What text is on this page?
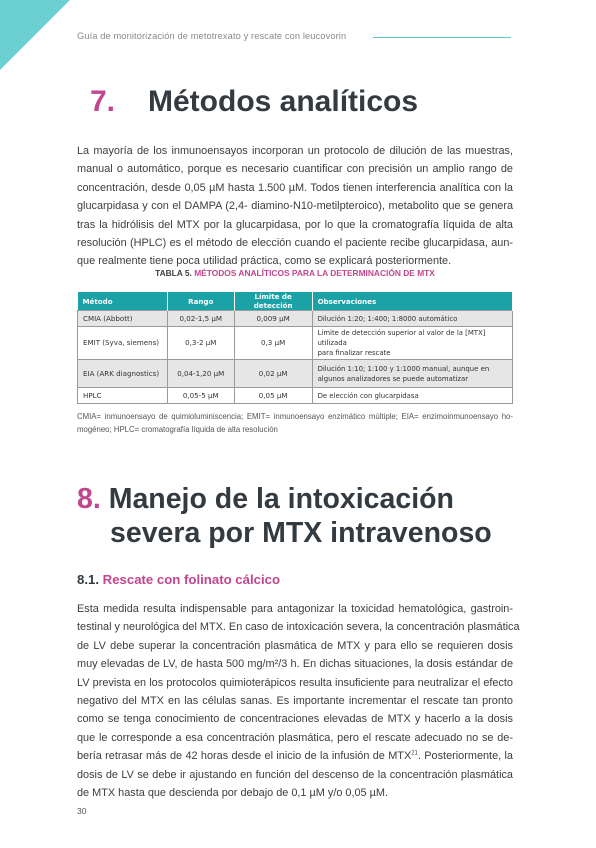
Guía de monitorización de metotrexato y rescate con leucovorin
7. Métodos analíticos
La mayoría de los inmunoensayos incorporan un protocolo de dilución de las muestras,
manual o automático, porque es necesario cuantificar con precisión un amplio rango de
concentración, desde 0,05 µM hasta 1.500 µM. Todos tienen interferencia analítica con la
glucarpidasa y con el DAMPA (2,4- diamino-N10-metilpteroico), metabolito que se genera
tras la hidrólisis del MTX por la glucarpidasa, por lo que la cromatografía líquida de alta
resolución (HPLC) es el método de elección cuando el paciente recibe glucarpidasa, aun-
que realmente tiene poca utilidad práctica, como se explicará posteriormente.
TABLA 5. MÉTODOS ANALÍTICOS PARA LA DETERMINACIÓN DE MTX
Método	Rango	Límite de detección	Observaciones
CMIA (Abbott)	0,02-1,5 µM	0,009 µM	Dilución 1:20; 1:400; 1:8000 automático
EMIT (Syva, siemens)	0,3-2 µM	0,3 µM	Límite de detección superior al valor de la [MTX] utilizada
para finalizar rescate

EIA (ARK diagnostics)	0,04-1,20 µM	0,02 µM	Dilución 1:10; 1:100 y 1:1000 manual, aunque en
algunos analizadores se puede automatizar

HPLC	0,05-5 µM	0,05 µM	De elección con glucarpidasa
CMIA= inmunoensayo de quimioluminiscencia; EMIT= inmunoensayo enzimático múltiple; EIA= enzimoinmunoensayo ho-
mogéneo; HPLC= cromatografía líquida de alta resolución
8. Manejo de la intoxicación
severa por MTX intravenoso
8.1. Rescate con folinato cálcico
Esta medida resulta indispensable para antagonizar la toxicidad hematológica, gastroin-
testinal y neurológica del MTX. En caso de intoxicación severa, la concentración plasmática
de LV debe superar la concentración plasmática de MTX y para ello se requieren dosis
muy elevadas de LV, de hasta 500 mg/m²/3 h. En dichas situaciones, la dosis estándar de
LV prevista en los protocolos quimioterápicos resulta insuficiente para neutralizar el efecto
negativo del MTX en las células sanas. Es importante incrementar el rescate tan pronto
como se tenga conocimiento de concentraciones elevadas de MTX y hacerlo a la dosis
que le corresponde a esa concentración plasmática, pero el rescate adecuado no se de-
bería retrasar más de 42 horas desde el inicio de la infusión de MTX$^{21}$. Posteriormente, la
dosis de LV se debe ir ajustando en función del descenso de la concentración plasmática
de MTX hasta que descienda por debajo de 0,1 µM y/o 0,05 µM.
30
